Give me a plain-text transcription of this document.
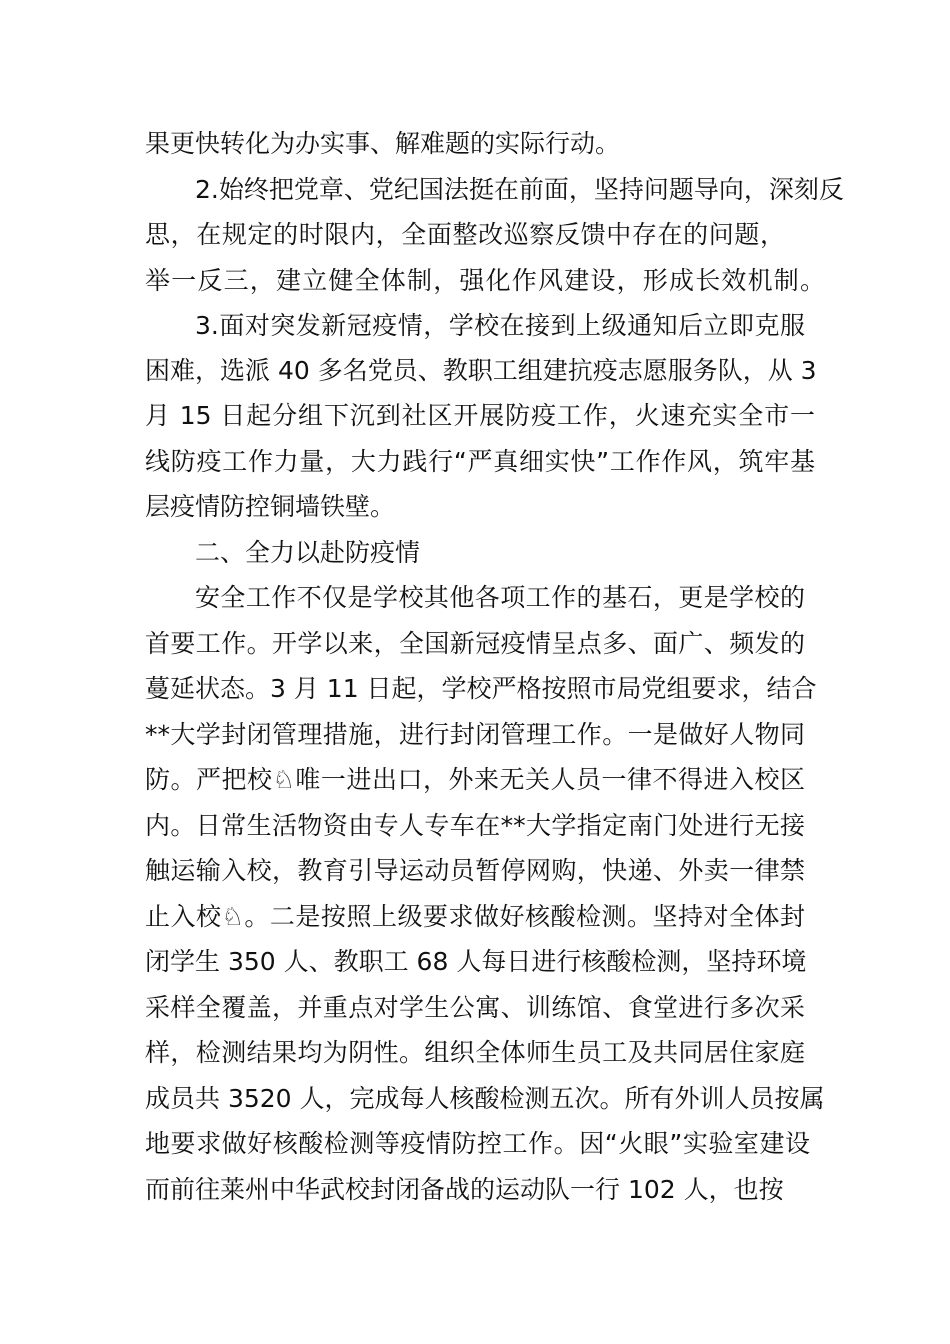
果更快转化为办实事、解难题的实际行动。
2.始终把党章、党纪国法挺在前面，坚持问题导向，深刻反
思，在规定的时限内，全面整改巡察反馈中存在的问题，
举一反三，建立健全体制，强化作风建设，形成长效机制。
3.面对突发新冠疫情，学校在接到上级通知后立即克服
困难，选派 40 多名党员、教职工组建抗疫志愿服务队，从 3
月 15 日起分组下沉到社区开展防疫工作，火速充实全市一
线防疫工作力量，大力践行“严真细实快”工作作风，筑牢基
层疫情防控铜墙铁壁。
二、全力以赴防疫情
安全工作不仅是学校其他各项工作的基石，更是学校的
首要工作。开学以来，全国新冠疫情呈点多、面广、频发的
蔓延状态。3 月 11 日起，学校严格按照市局党组要求，结合
**大学封闭管理措施，进行封闭管理工作。一是做好人物同
防。严把校♘唯一进出口，外来无关人员一律不得进入校区
内。日常生活物资由专人专车在**大学指定南门处进行无接
触运输入校，教育引导运动员暂停网购，快递、外卖一律禁
止入校♘。二是按照上级要求做好核酸检测。坚持对全体封
闭学生 350 人、教职工 68 人每日进行核酸检测，坚持环境
采样全覆盖，并重点对学生公寓、训练馆、食堂进行多次采
样，检测结果均为阴性。组织全体师生员工及共同居住家庭
成员共 3520 人，完成每人核酸检测五次。所有外训人员按属
地要求做好核酸检测等疫情防控工作。因“火眼”实验室建设
而前往莱州中华武校封闭备战的运动队一行 102 人，也按
